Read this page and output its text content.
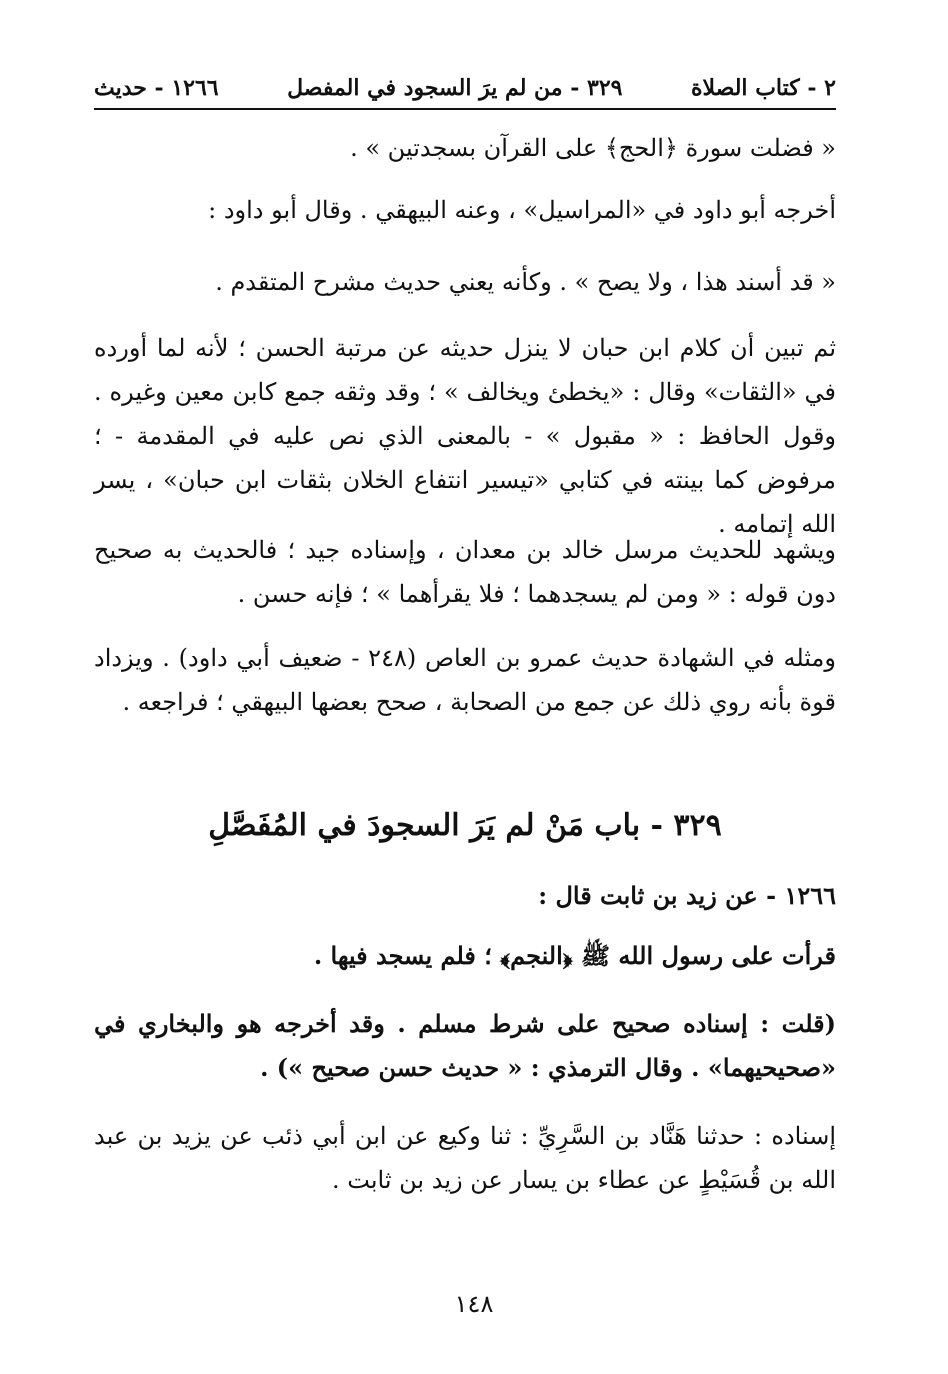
٢ - كتاب الصلاة
٣٢٩ - من لم يرَ السجود في المفصل
١٢٦٦ - حديث

« فضلت سورة ﴿الحج﴾ على القرآن بسجدتين » .

أخرجه أبو داود في «المراسيل» ، وعنه البيهقي . وقال أبو داود :

« قد أسند هذا ، ولا يصح » . وكأنه يعني حديث مشرح المتقدم .

ثم تبين أن كلام ابن حبان لا ينزل حديثه عن مرتبة الحسن ؛ لأنه لما أورده في «الثقات» وقال : «يخطئ ويخالف » ؛ وقد وثقه جمع كابن معين وغيره . وقول الحافظ : « مقبول » - بالمعنى الذي نص عليه في المقدمة - ؛ مرفوض كما بينته في كتابي «تيسير انتفاع الخلان بثقات ابن حبان» ، يسر الله إتمامه .

ويشهد للحديث مرسل خالد بن معدان ، وإسناده جيد ؛ فالحديث به صحيح دون قوله : « ومن لم يسجدهما ؛ فلا يقرأهما » ؛ فإنه حسن .

ومثله في الشهادة حديث عمرو بن العاص (٢٤٨ - ضعيف أبي داود) . ويزداد قوة بأنه روي ذلك عن جمع من الصحابة ، صحح بعضها البيهقي ؛ فراجعه .

٣٢٩ - باب مَنْ لم يَرَ السجودَ في المُفَصَّلِ

١٢٦٦ - عن زيد بن ثابت قال :

قرأت على رسول الله ﷺ ﴿النجم﴾ ؛ فلم يسجد فيها .

(قلت : إسناده صحيح على شرط مسلم . وقد أخرجه هو والبخاري في «صحيحيهما» . وقال الترمذي : « حديث حسن صحيح ») .

إسناده : حدثنا هَنَّاد بن السَّرِيِّ : ثنا وكيع عن ابن أبي ذئب عن يزيد بن عبد الله بن قُسَيْطٍ عن عطاء بن يسار عن زيد بن ثابت .

١٤٨
